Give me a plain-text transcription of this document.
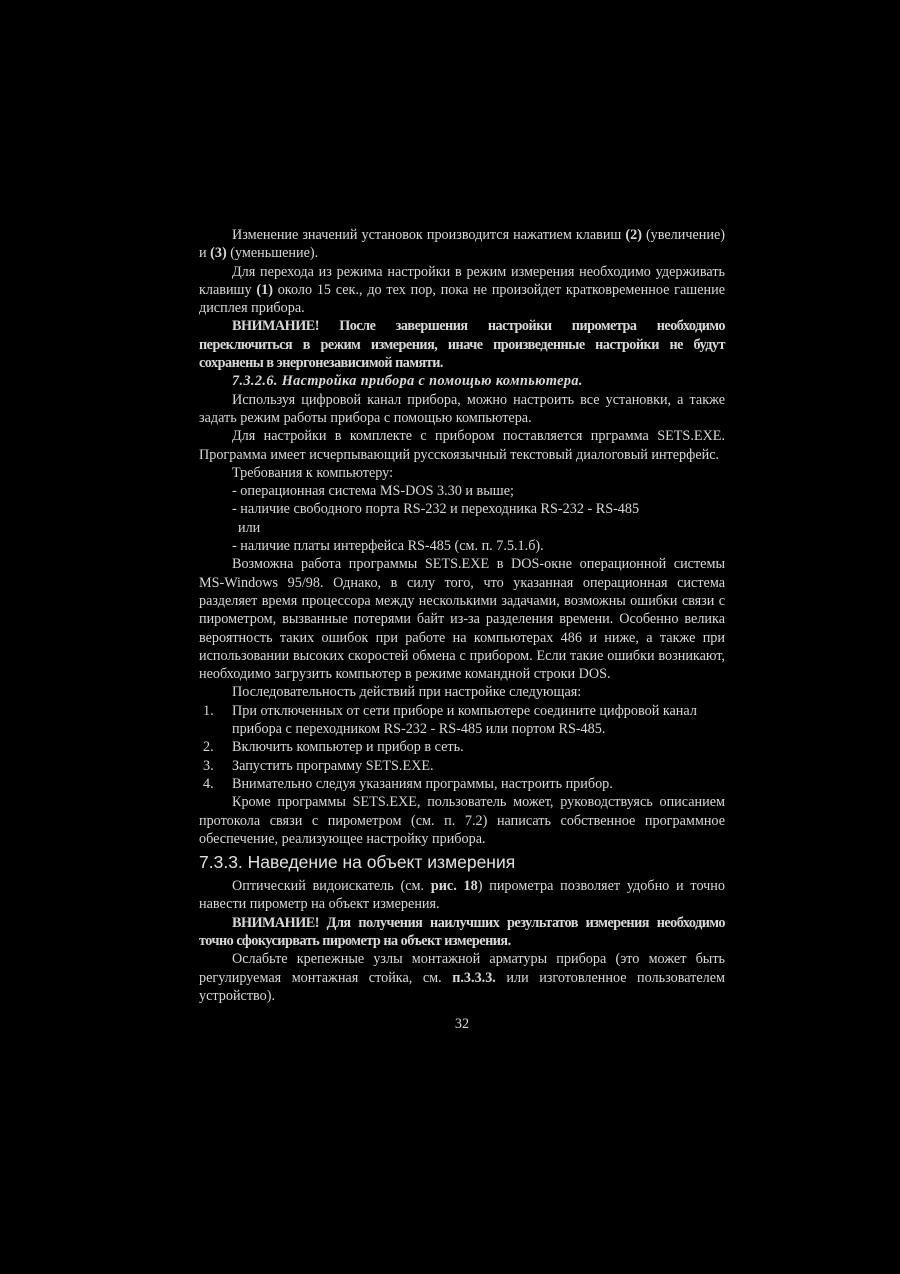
Изменение значений установок производится нажатием клавиш (2) (увеличение) и (3) (уменьшение).

Для перехода из режима настройки в режим измерения необходимо удерживать клавишу (1) около 15 сек., до тех пор, пока не произойдет кратковременное гашение дисплея прибора.

ВНИМАНИЕ! После завершения настройки пирометра необходимо переключиться в режим измерения, иначе произведенные настройки не будут сохранены в энергонезависимой памяти.

7.3.2.6. Настройка прибора с помощью компьютера.

Используя цифровой канал прибора, можно настроить все установки, а также задать режим работы прибора с помощью компьютера.

Для настройки в комплекте с прибором поставляется прграмма SETS.EXE. Программа имеет исчерпывающий русскоязычный текстовый диалоговый интерфейс.

Требования к компьютеру:

- операционная система MS-DOS 3.30 и выше;

- наличие свободного порта RS-232 и переходника RS-232 - RS-485

или

- наличие платы интерфейса RS-485 (см. п. 7.5.1.б).

Возможна работа программы SETS.EXE в DOS-окне операционной системы MS-Windows 95/98. Однако, в силу того, что указанная операционная система разделяет время процессора между несколькими задачами, возможны ошибки связи с пирометром, вызванные потерями байт из-за разделения времени. Особенно велика вероятность таких ошибок при работе на компьютерах 486 и ниже, а также при использовании высоких скоростей обмена с прибором. Если такие ошибки возникают, необходимо загрузить компьютер в режиме командной строки DOS.

Последовательность действий при настройке следующая:

1. При отключенных от сети приборе и компьютере соедините цифровой канал прибора с переходником RS-232 - RS-485 или портом RS-485.
2. Включить компьютер и прибор в сеть.
3. Запустить программу SETS.EXE.
4. Внимательно следуя указаниям программы, настроить прибор.

Кроме программы SETS.EXE, пользователь может, руководствуясь описанием протокола связи с пирометром (см. п. 7.2) написать собственное программное обеспечение, реализующее настройку прибора.

7.3.3. Наведение на объект измерения

Оптический видоискатель (см. рис. 18) пирометра позволяет удобно и точно навести пирометр на объект измерения.

ВНИМАНИЕ! Для получения наилучших результатов измерения необходимо точно сфокусирвать пирометр на объект измерения.

Ослабьте крепежные узлы монтажной арматуры прибора (это может быть регулируемая монтажная стойка, см. п.3.3.3. или изготовленное пользователем устройство).

32
